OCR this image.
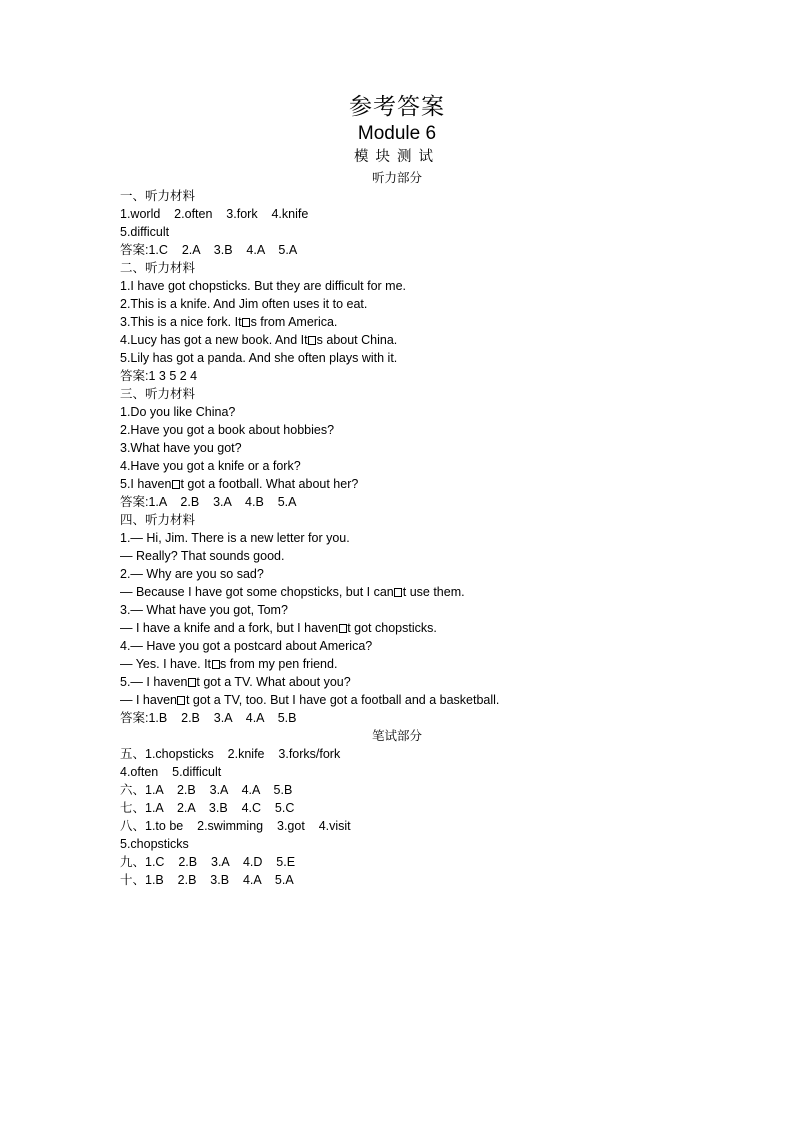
参考答案
Module 6
模块测试
听力部分
一、听力材料
1.world    2.often    3.fork    4.knife
5.difficult
答案:1.C    2.A    3.B    4.A    5.A
二、听力材料
1.I have got chopsticks. But they are difficult for me.
2.This is a knife. And Jim often uses it to eat.
3.This is a nice fork. It s from America.
4.Lucy has got a new book. And It s about China.
5.Lily has got a panda. And she often plays with it.
答案:1 3 5 2 4
三、听力材料
1.Do you like China?
2.Have you got a book about hobbies?
3.What have you got?
4.Have you got a knife or a fork?
5.I haven t got a football. What about her?
答案:1.A    2.B    3.A    4.B    5.A
四、听力材料
1.— Hi, Jim. There is a new letter for you.
— Really? That sounds good.
2.— Why are you so sad?
— Because I have got some chopsticks, but I can t use them.
3.— What have you got, Tom?
— I have a knife and a fork, but I haven t got chopsticks.
4.— Have you got a postcard about America?
— Yes. I have. It s from my pen friend.
5.— I haven t got a TV. What about you?
— I haven t got a TV, too. But I have got a football and a basketball.
答案:1.B    2.B    3.A    4.A    5.B
五、1.chopsticks    2.knife    3.forks/fork
4.often    5.difficult
六、1.A    2.B    3.A    4.A    5.B
七、1.A    2.A    3.B    4.C    5.C
八、1.to be    2.swimming    3.got    4.visit
5.chopsticks
九、1.C    2.B    3.A    4.D    5.E
十、1.B    2.B    3.B    4.A    5.A
笔试部分
